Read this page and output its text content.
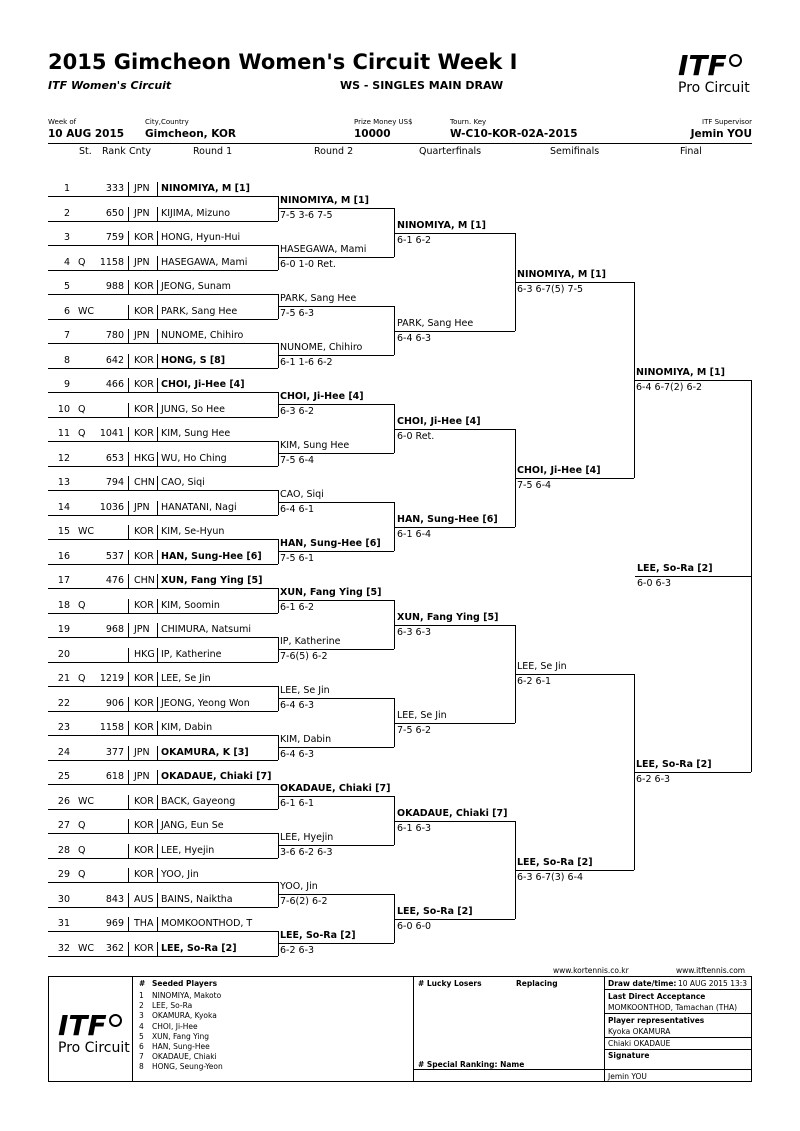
2015 Gimcheon Women's Circuit Week I
ITF Women's Circuit	WS - SINGLES MAIN DRAW
ITF
Pro Circuit
Week of
10 AUG 2015
City,Country
Gimcheon, KOR
Prize Money US$
10000
Tourn. Key
W-C10-KOR-02A-2015
ITF Supervisor
Jemin YOU
St. Rank Cnty	Round 1	Round 2	Quarterfinals	Semifinals	Final
1	333 JPN NINOMIYA, M [1]
2	650 JPN KIJIMA, Mizuno
3	759 KOR HONG, Hyun-Hui
4 Q 1158 JPN HASEGAWA, Mami
5	988 KOR JEONG, Sunam
6 WC	KOR PARK, Sang Hee
7	780 JPN NUNOME, Chihiro
8	642 KOR HONG, S [8]
9	466 KOR CHOI, Ji-Hee [4]
10 Q	KOR JUNG, So Hee
11 Q 1041 KOR KIM, Sung Hee
12	653 HKG WU, Ho Ching
13	794 CHN CAO, Siqi
14	1036 JPN HANATANI, Nagi
15 WC	KOR KIM, Se-Hyun
16	537 KOR HAN, Sung-Hee [6]
17	476 CHN XUN, Fang Ying [5]
18 Q	KOR KIM, Soomin
19	968 JPN CHIMURA, Natsumi
20	HKG IP, Katherine
21 Q 1219 KOR LEE, Se Jin
22	906 KOR JEONG, Yeong Won
23	1158 KOR KIM, Dabin
24	377 JPN OKAMURA, K [3]
25	618 JPN OKADAUE, Chiaki [7]
26 WC	KOR BACK, Gayeong
27 Q	KOR JANG, Eun Se
28 Q	KOR LEE, Hyejin
29 Q	KOR YOO, Jin
30	843 AUS BAINS, Naiktha
31	969 THA MOMKOONTHOD, T
32 WC 362 KOR LEE, So-Ra [2]
NINOMIYA, M [1]
7-5 3-6 7-5
HASEGAWA, Mami
6-0 1-0 Ret.
PARK, Sang Hee
7-5 6-3
NUNOME, Chihiro
6-1 1-6 6-2
CHOI, Ji-Hee [4]
6-3 6-2
KIM, Sung Hee
7-5 6-4
CAO, Siqi
6-4 6-1
HAN, Sung-Hee [6]
7-5 6-1
XUN, Fang Ying [5]
6-1 6-2
IP, Katherine
7-6(5) 6-2
LEE, Se Jin
6-4 6-3
KIM, Dabin
6-4 6-3
OKADAUE, Chiaki [7]
6-1 6-1
LEE, Hyejin
3-6 6-2 6-3
YOO, Jin
7-6(2) 6-2
LEE, So-Ra [2]
6-2 6-3
NINOMIYA, M [1]
6-1 6-2
PARK, Sang Hee
6-4 6-3
CHOI, Ji-Hee [4]
6-0 Ret.
HAN, Sung-Hee [6]
6-1 6-4
XUN, Fang Ying [5]
6-3 6-3
LEE, Se Jin
7-5 6-2
OKADAUE, Chiaki [7]
6-1 6-3
LEE, So-Ra [2]
6-0 6-0
NINOMIYA, M [1]
6-3 6-7(5) 7-5
CHOI, Ji-Hee [4]
7-5 6-4
LEE, Se Jin
6-2 6-1
LEE, So-Ra [2]
6-3 6-7(3) 6-4
NINOMIYA, M [1]
6-4 6-7(2) 6-2
LEE, So-Ra [2]
6-2 6-3
LEE, So-Ra [2]
6-0 6-3
www.kortennis.co.kr	www.itftennis.com
ITF
Pro Circuit
# Seeded Players
1 NINOMIYA, Makoto
2 LEE, So-Ra
3 OKAMURA, Kyoka
4 CHOI, Ji-Hee
5 XUN, Fang Ying
6 HAN, Sung-Hee
7 OKADAUE, Chiaki
8 HONG, Seung-Yeon
# Lucky Losers	Replacing
# Special Ranking: Name
Draw date/time: 10 AUG 2015 13:3
Last Direct Acceptance
MOMKOONTHOD, Tamachan (THA)
Player representatives
Kyoka OKAMURA
Chiaki OKADAUE
Signature
Jemin YOU
